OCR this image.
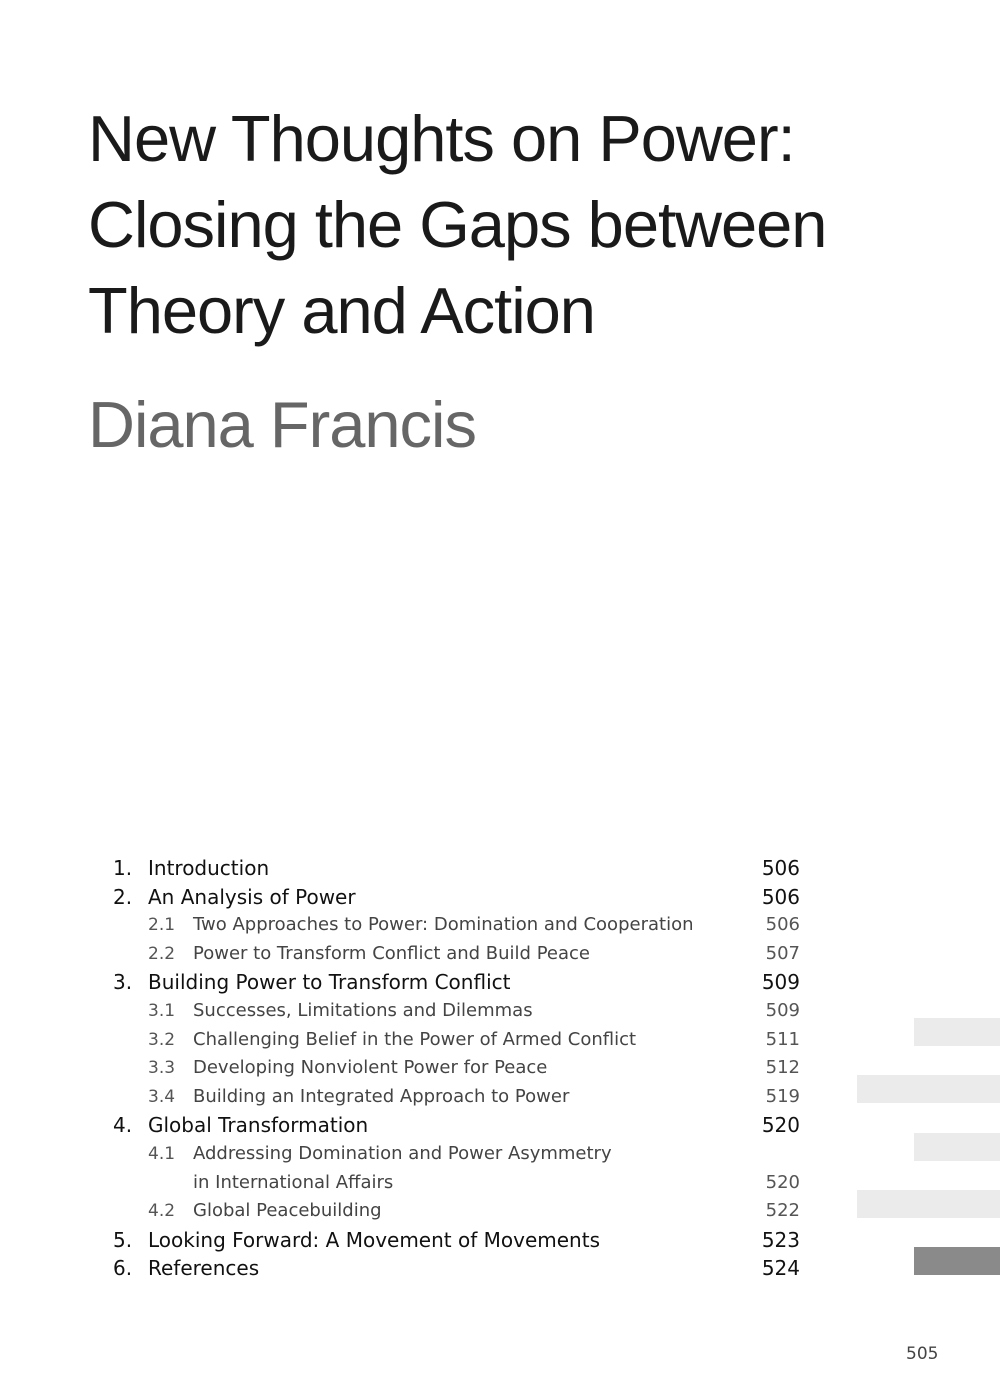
New Thoughts on Power:
Closing the Gaps between
Theory and Action
Diana Francis
1. Introduction	506
2. An Analysis of Power	506
2.1 Two Approaches to Power: Domination and Cooperation	506
2.2 Power to Transform Conflict and Build Peace	507
3. Building Power to Transform Conflict	509
3.1 Successes, Limitations and Dilemmas	509
3.2 Challenging Belief in the Power of Armed Conflict	511
3.3 Developing Nonviolent Power for Peace	512
3.4 Building an Integrated Approach to Power	519
4. Global Transformation	520
4.1 Addressing Domination and Power Asymmetry
in International Affairs	520
4.2 Global Peacebuilding	522
5. Looking Forward: A Movement of Movements	523
6. References	524
505
